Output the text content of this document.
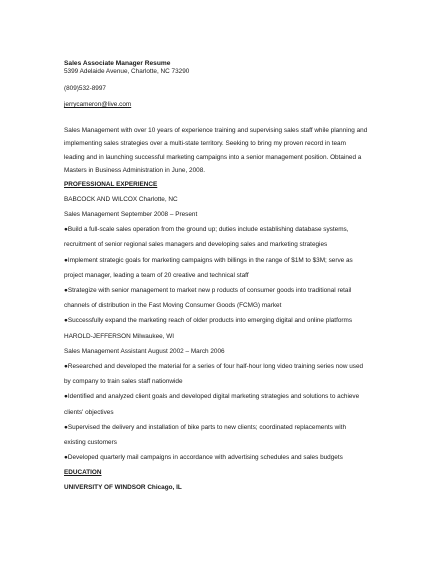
Sales Associate Manager Resume

5399 Adelaide Avenue, Charlotte, NC 73290

(809)532-8997

jerrycameron@live.com

Sales Management with over 10 years of experience training and supervising sales staff while planning and

implementing sales strategies over a multi-state territory. Seeking to bring my proven record in team

leading and in launching successful marketing campaigns into a senior management position. Obtained a

Masters in Business Administration in June, 2008.

PROFESSIONAL EXPERIENCE

BABCOCK AND WILCOX Charlotte, NC

Sales Management September 2008 – Present

●Build a full-scale sales operation from the ground up; duties include establishing database systems,

recruitment of senior regional sales managers and developing sales and marketing strategies

●Implement strategic goals for marketing campaigns with billings in the range of $1M to $3M; serve as

project manager, leading a team of 20 creative and technical staff

●Strategize with senior management to market new p roducts of consumer goods into traditional retail

channels of distribution in the Fast Moving Consumer Goods (FCMG) market

●Successfully expand the marketing reach of older products into emerging digital and online platforms

HAROLD-JEFFERSON Milwaukee, WI

Sales Management Assistant August 2002 – March 2006

●Researched and developed the material for a series of four half-hour long video training series now used

by company to train sales staff nationwide

●Identified and analyzed client goals and developed digital marketing strategies and solutions to achieve

clients' objectives

●Supervised the delivery and installation of bike parts to new clients; coordinated replacements with

existing customers

●Developed quarterly mail campaigns in accordance with advertising schedules and sales budgets

EDUCATION

UNIVERSITY OF WINDSOR Chicago, IL
